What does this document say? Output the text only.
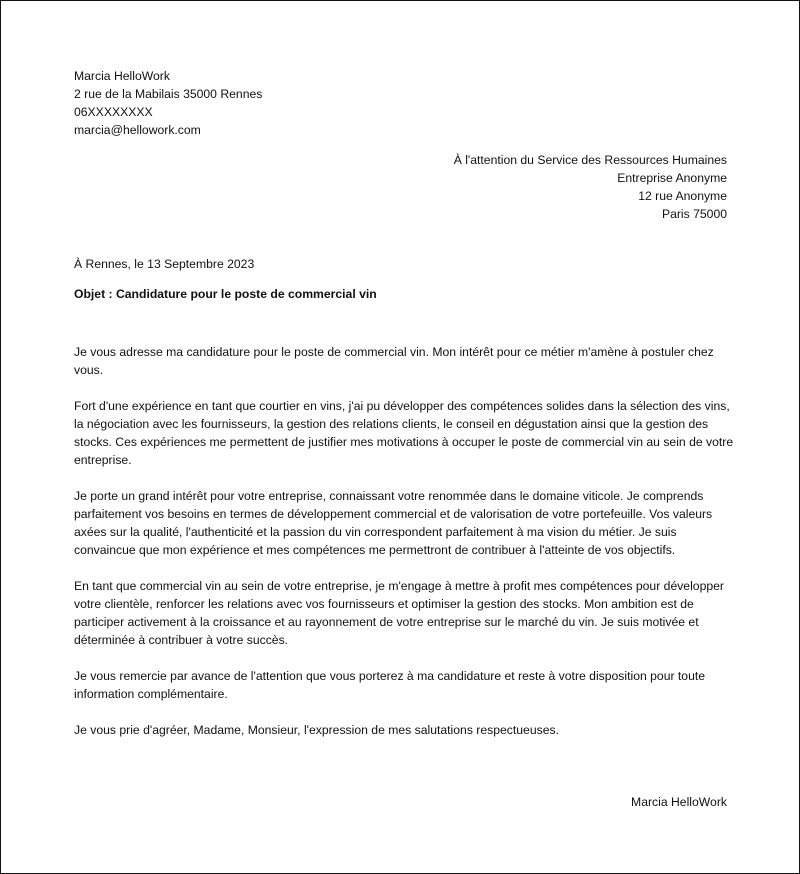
Marcia HelloWork
2 rue de la Mabilais 35000 Rennes
06XXXXXXXX
marcia@hellowork.com
À l'attention du Service des Ressources Humaines
Entreprise Anonyme
12 rue Anonyme
Paris 75000
À Rennes, le 13 Septembre 2023
Objet : Candidature pour le poste de commercial vin

Je vous adresse ma candidature pour le poste de commercial vin. Mon intérêt pour ce métier m'amène à postuler chez vous.

Fort d'une expérience en tant que courtier en vins, j'ai pu développer des compétences solides dans la sélection des vins, la négociation avec les fournisseurs, la gestion des relations clients, le conseil en dégustation ainsi que la gestion des stocks. Ces expériences me permettent de justifier mes motivations à occuper le poste de commercial vin au sein de votre entreprise.

Je porte un grand intérêt pour votre entreprise, connaissant votre renommée dans le domaine viticole. Je comprends parfaitement vos besoins en termes de développement commercial et de valorisation de votre portefeuille. Vos valeurs axées sur la qualité, l'authenticité et la passion du vin correspondent parfaitement à ma vision du métier. Je suis convaincue que mon expérience et mes compétences me permettront de contribuer à l'atteinte de vos objectifs.

En tant que commercial vin au sein de votre entreprise, je m'engage à mettre à profit mes compétences pour développer votre clientèle, renforcer les relations avec vos fournisseurs et optimiser la gestion des stocks. Mon ambition est de participer activement à la croissance et au rayonnement de votre entreprise sur le marché du vin. Je suis motivée et déterminée à contribuer à votre succès.

Je vous remercie par avance de l'attention que vous porterez à ma candidature et reste à votre disposition pour toute information complémentaire.

Je vous prie d'agréer, Madame, Monsieur, l'expression de mes salutations respectueuses.

Marcia HelloWork
